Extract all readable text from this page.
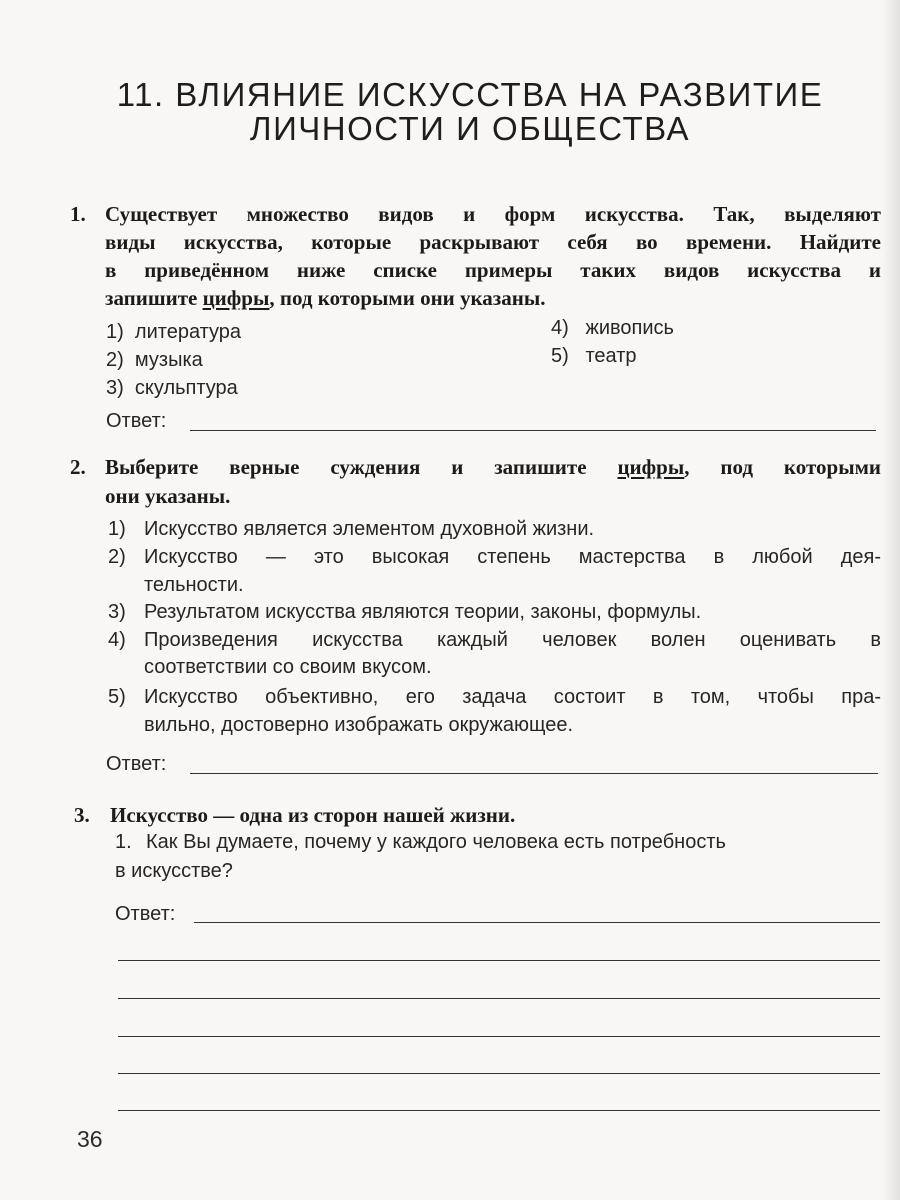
11. ВЛИЯНИЕ ИСКУССТВА НА РАЗВИТИЕ
ЛИЧНОСТИ И ОБЩЕСТВА
1. Существует множество видов и форм искусства. Так, выделяют
виды искусства, которые раскрывают себя во времени. Найдите
в приведённом ниже списке примеры таких видов искусства и
запишите цифры, под которыми они указаны.
1) литература
2) музыка
3) скульптура
4) живопись
5) театр
Ответ:
2. Выберите верные суждения и запишите цифры, под которыми
они указаны.
1) Искусство является элементом духовной жизни.
2) Искусство — это высокая степень мастерства в любой дея-
тельности.
3) Результатом искусства являются теории, законы, формулы.
4) Произведения искусства каждый человек волен оценивать в
соответствии со своим вкусом.
5) Искусство объективно, его задача состоит в том, чтобы пра-
вильно, достоверно изображать окружающее.
Ответ:
3. Искусство — одна из сторон нашей жизни.
1. Как Вы думаете, почему у каждого человека есть потребность
в искусстве?
Ответ:
36
